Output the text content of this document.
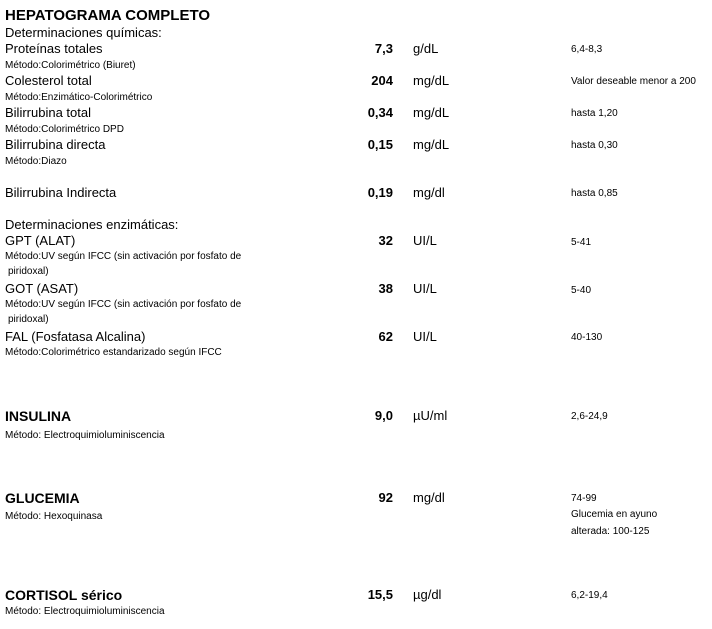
HEPATOGRAMA COMPLETO
Determinaciones químicas:
Proteínas totales	7,3 g/dL	6,4-8,3
Método:Colorimétrico (Biuret)
Colesterol total	204 mg/dL	Valor deseable menor a 200
Método:Enzimático-Colorimétrico
Bilirrubina total	0,34 mg/dL	hasta 1,20
Método:Colorimétrico DPD
Bilirrubina directa	0,15 mg/dL	hasta 0,30
Método:Diazo
Bilirrubina Indirecta	0,19 mg/dl	hasta 0,85
Determinaciones enzimáticas:
GPT (ALAT)	32 UI/L	5-41
Método:UV según IFCC (sin activación por fosfato de
piridoxal)
GOT (ASAT)	38 UI/L	5-40
Método:UV según IFCC (sin activación por fosfato de
piridoxal)
FAL (Fosfatasa Alcalina)	62 UI/L	40-130
Método:Colorimétrico estandarizado según IFCC
INSULINA	9,0 µU/ml	2,6-24,9
Método: Electroquimioluminiscencia
GLUCEMIA	92 mg/dl	74-99
Glucemia en ayuno
alterada: 100-125
Método: Hexoquinasa
CORTISOL sérico	15,5 µg/dl	6,2-19,4
Método: Electroquimioluminiscencia
